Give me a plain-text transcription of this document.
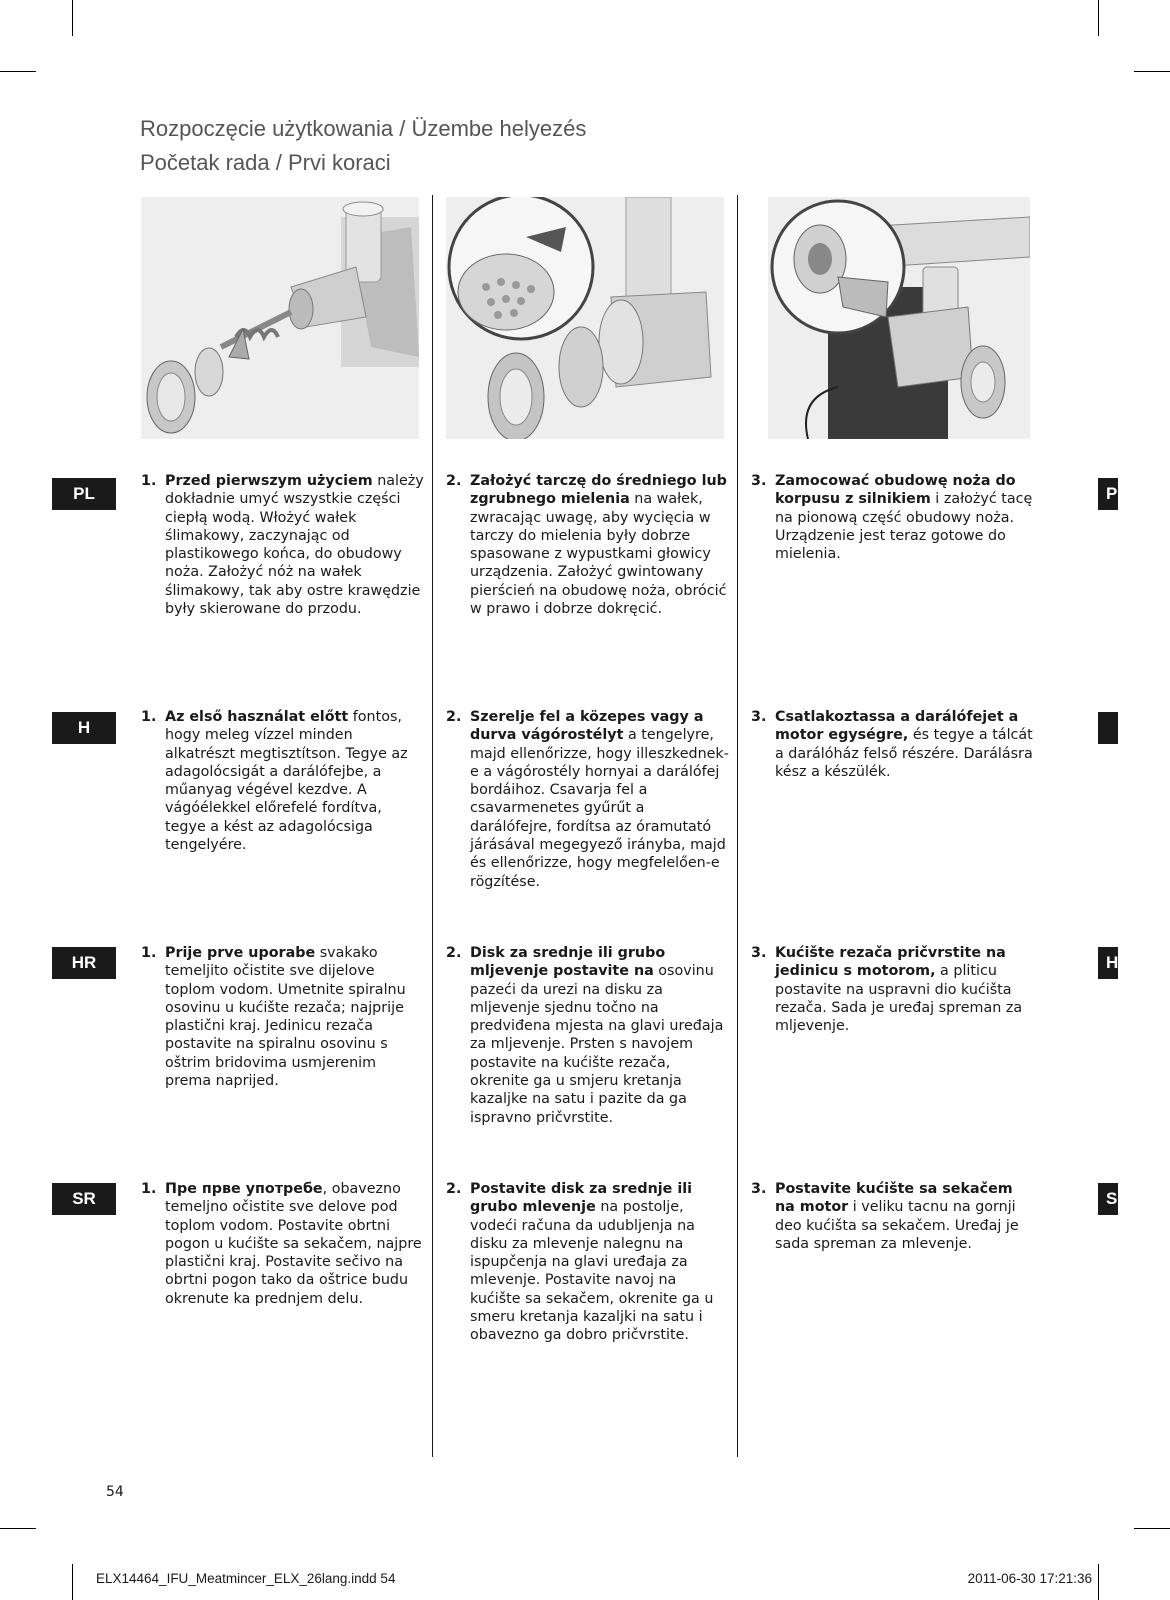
Rozpoczęcie użytkowania / Üzembe helyezés
Početak rada / Prvi koraci
PL	P
1. Przed pierwszym użyciem należy dokładnie umyć wszystkie części ciepłą wodą. Włożyć wałek ślimakowy, zaczynając od plastikowego końca, do obudowy noża. Założyć nóż na wałek ślimakowy, tak aby ostre krawędzie były skierowane do przodu.
2. Założyć tarczę do średniego lub zgrubnego mielenia na wałek, zwracając uwagę, aby wycięcia w tarczy do mielenia były dobrze spasowane z wypustkami głowicy urządzenia. Założyć gwintowany pierścień na obudowę noża, obrócić w prawo i dobrze dokręcić.
3. Zamocować obudowę noża do korpusu z silnikiem i założyć tacę na pionową część obudowy noża. Urządzenie jest teraz gotowe do mielenia.
H
1. Az első használat előtt fontos, hogy meleg vízzel minden alkatrészt megtisztítson. Tegye az adagolócsigát a darálófejbe, a műanyag végével kezdve. A vágóélekkel előrefelé fordítva, tegye a kést az adagolócsiga tengelyére.
2. Szerelje fel a közepes vagy a durva vágórostélyt a tengelyre, majd ellenőrizze, hogy illeszkednek-e a vágórostély hornyai a darálófej bordáihoz. Csavarja fel a csavarmenetes gyűrűt a darálófejre, fordítsa az óramutató járásával megegyező irányba, majd és ellenőrizze, hogy megfelelően-e rögzítése.
3. Csatlakoztassa a darálófejet a motor egységre, és tegye a tálcát a darálóház felső részére. Darálásra kész a készülék.
HR	H
1. Prije prve uporabe svakako temeljito očistite sve dijelove toplom vodom. Umetnite spiralnu osovinu u kućište rezača; najprije plastični kraj. Jedinicu rezača postavite na spiralnu osovinu s oštrim bridovima usmjerenim prema naprijed.
2. Disk za srednje ili grubo mljevenje postavite na osovinu pazeći da urezi na disku za mljevenje sjednu točno na predviđena mjesta na glavi uređaja za mljevenje. Prsten s navojem postavite na kućište rezača, okrenite ga u smjeru kretanja kazaljke na satu i pazite da ga ispravno pričvrstite.
3. Kućište rezača pričvrstite na jedinicu s motorom, a pliticu postavite na uspravni dio kućišta rezača. Sada je uređaj spreman za mljevenje.
SR	S
1. Пре прве употребе, obavezno temeljno očistite sve delove pod toplom vodom. Postavite obrtni pogon u kućište sa sekačem, najpre plastični kraj. Postavite sečivo na obrtni pogon tako da oštrice budu okrenute ka prednjem delu.
2. Postavite disk za srednje ili grubo mlevenje na postolje, vodeći računa da udubljenja na disku za mlevenje nalegnu na ispupčenja na glavi uređaja za mlevenje. Postavite navoj na kućište sa sekačem, okrenite ga u smeru kretanja kazaljki na satu i obavezno ga dobro pričvrstite.
3. Postavite kućište sa sekačem na motor i veliku tacnu na gornji deo kućišta sa sekačem. Uređaj je sada spreman za mlevenje.
54
ELX14464_IFU_Meatmincer_ELX_26lang.indd 54	2011-06-30 17:21:36
